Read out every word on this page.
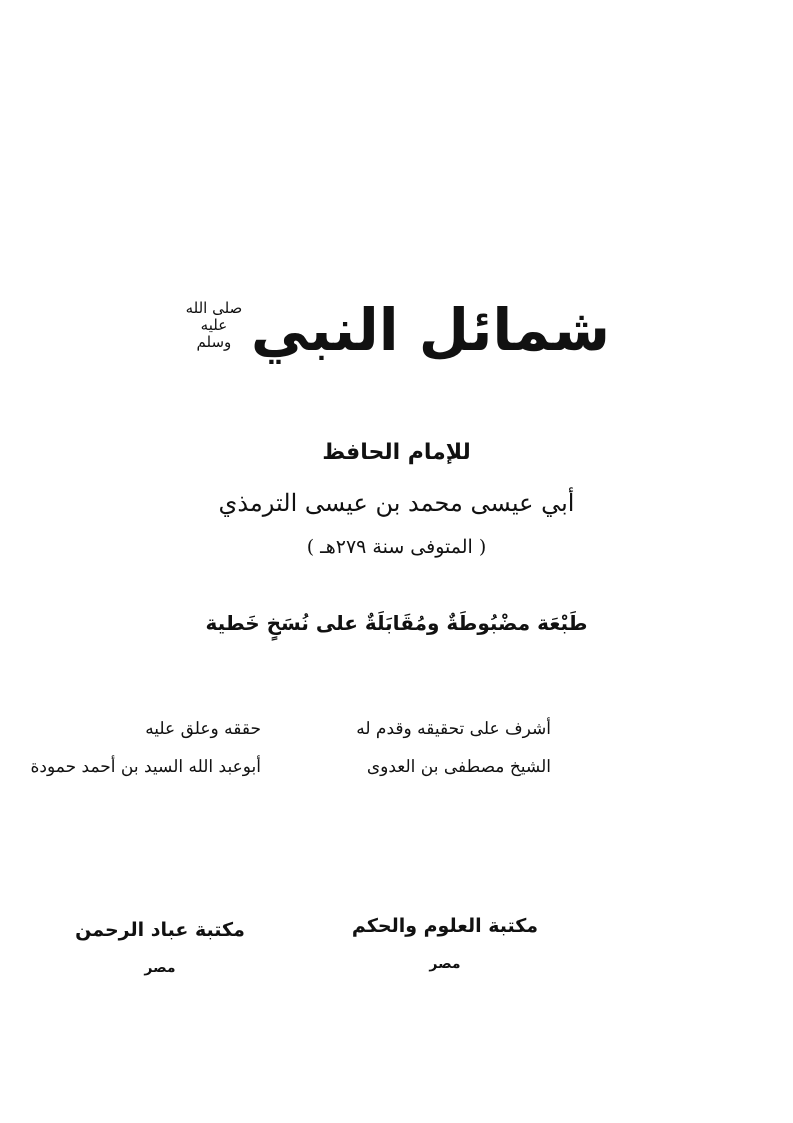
شمائل النبيصلى الله عليه وسلم
للإمام الحافظ
أبي عيسى محمد بن عيسى الترمذي
( المتوفى سنة ٢٧٩هـ )
طَبْعَة مضْبُوطَةٌ ومُقَابَلَةٌ على نُسَخٍ خَطية
أشرف على تحقيقه وقدم له
الشيخ مصطفى بن العدوى
حققه وعلق عليه
أبوعبد الله السيد بن أحمد حمودة
مكتبة العلوم والحكم
مصر
مكتبة عباد الرحمن
مصر
